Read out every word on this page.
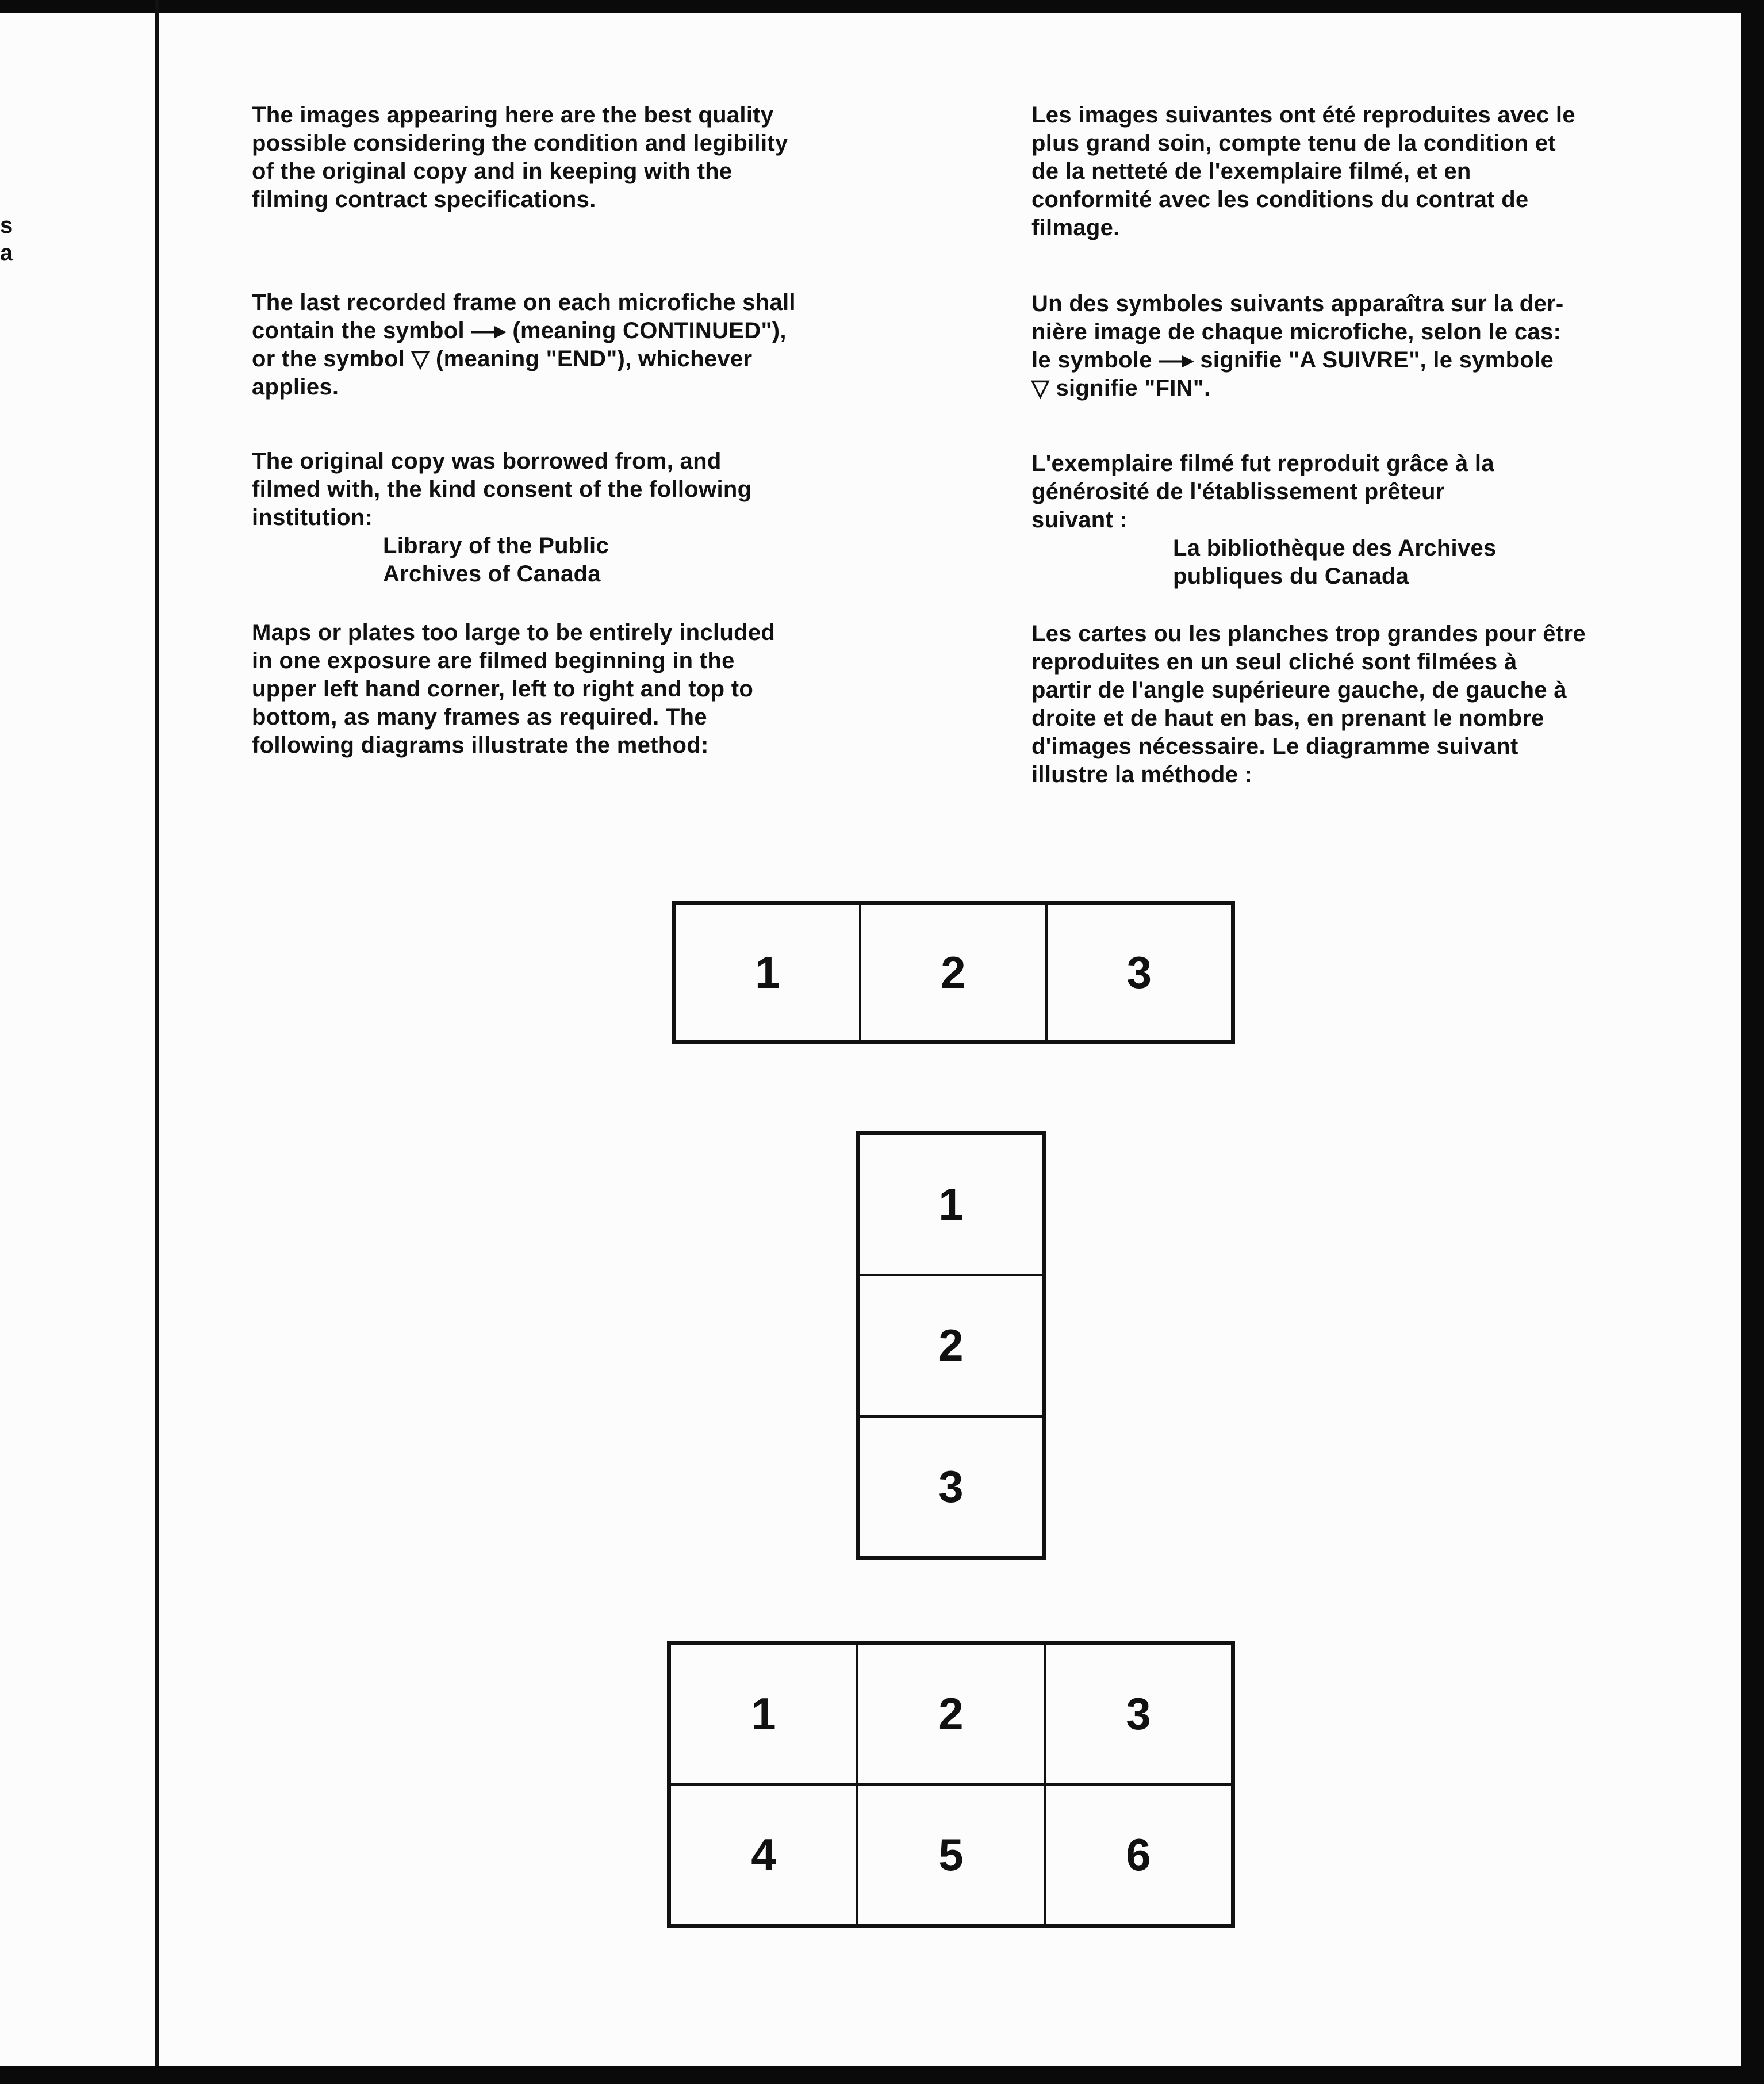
s
a

The images appearing here are the best quality
possible considering the condition and legibility
of the original copy and in keeping with the
filming contract specifications.

The last recorded frame on each microfiche shall
contain the symbol —▸ (meaning CONTINUED"),
or the symbol ▽ (meaning "END"), whichever
applies.

The original copy was borrowed from, and
filmed with, the kind consent of the following
institution:

Library of the Public
Archives of Canada

Maps or plates too large to be entirely included
in one exposure are filmed beginning in the
upper left hand corner, left to right and top to
bottom, as many frames as required. The
following diagrams illustrate the method:

Les images suivantes ont été reproduites avec le
plus grand soin, compte tenu de la condition et
de la netteté de l'exemplaire filmé, et en
conformité avec les conditions du contrat de
filmage.

Un des symboles suivants apparaîtra sur la der-
nière image de chaque microfiche, selon le cas:
le symbole —▸ signifie "A SUIVRE", le symbole
▽ signifie "FIN".

L'exemplaire filmé fut reproduit grâce à la
générosité de l'établissement prêteur
suivant :

La bibliothèque des Archives
publiques du Canada

Les cartes ou les planches trop grandes pour être
reproduites en un seul cliché sont filmées à
partir de l'angle supérieure gauche, de gauche à
droite et de haut en bas, en prenant le nombre
d'images nécessaire. Le diagramme suivant
illustre la méthode :

1	2	3
1
2
3
1	2	3
4	5	6
